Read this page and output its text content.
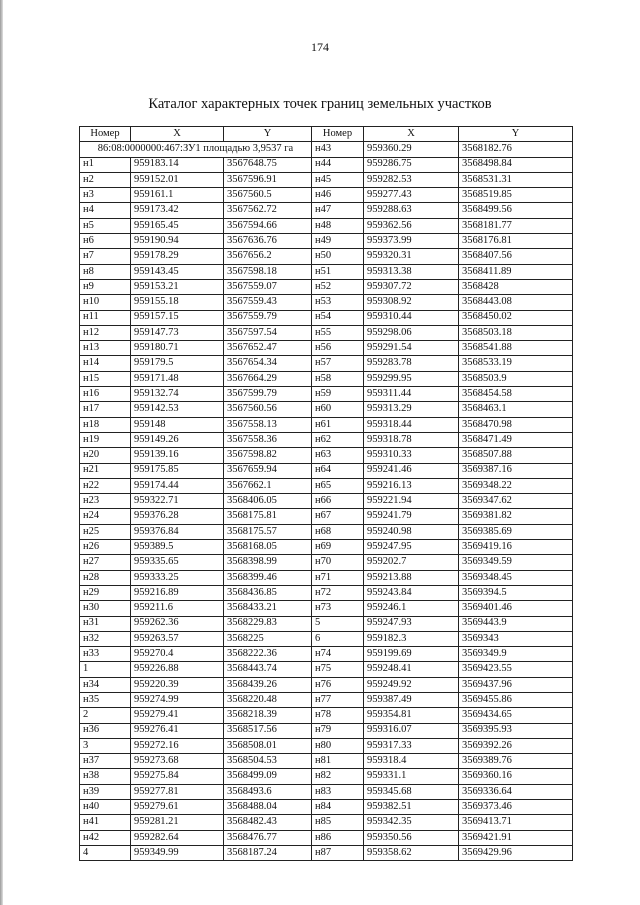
174
Каталог характерных точек границ земельных участков
Номер	X	Y	Номер	X	Y
86:08:0000000:467:ЗУ1 площадью 3,9537 га			н43	959360.29	3568182.76
н1	959183.14	3567648.75	н44	959286.75	3568498.84
н2	959152.01	3567596.91	н45	959282.53	3568531.31
н3	959161.1	3567560.5	н46	959277.43	3568519.85
н4	959173.42	3567562.72	н47	959288.63	3568499.56
н5	959165.45	3567594.66	н48	959362.56	3568181.77
н6	959190.94	3567636.76	н49	959373.99	3568176.81
н7	959178.29	3567656.2	н50	959320.31	3568407.56
н8	959143.45	3567598.18	н51	959313.38	3568411.89
н9	959153.21	3567559.07	н52	959307.72	3568428
н10	959155.18	3567559.43	н53	959308.92	3568443.08
н11	959157.15	3567559.79	н54	959310.44	3568450.02
н12	959147.73	3567597.54	н55	959298.06	3568503.18
н13	959180.71	3567652.47	н56	959291.54	3568541.88
н14	959179.5	3567654.34	н57	959283.78	3568533.19
н15	959171.48	3567664.29	н58	959299.95	3568503.9
н16	959132.74	3567599.79	н59	959311.44	3568454.58
н17	959142.53	3567560.56	н60	959313.29	3568463.1
н18	959148	3567558.13	н61	959318.44	3568470.98
н19	959149.26	3567558.36	н62	959318.78	3568471.49
н20	959139.16	3567598.82	н63	959310.33	3568507.88
н21	959175.85	3567659.94	н64	959241.46	3569387.16
н22	959174.44	3567662.1	н65	959216.13	3569348.22
н23	959322.71	3568406.05	н66	959221.94	3569347.62
н24	959376.28	3568175.81	н67	959241.79	3569381.82
н25	959376.84	3568175.57	н68	959240.98	3569385.69
н26	959389.5	3568168.05	н69	959247.95	3569419.16
н27	959335.65	3568398.99	н70	959202.7	3569349.59
н28	959333.25	3568399.46	н71	959213.88	3569348.45
н29	959216.89	3568436.85	н72	959243.84	3569394.5
н30	959211.6	3568433.21	н73	959246.1	3569401.46
н31	959262.36	3568229.83	5	959247.93	3569443.9
н32	959263.57	3568225	6	959182.3	3569343
н33	959270.4	3568222.36	н74	959199.69	3569349.9
1	959226.88	3568443.74	н75	959248.41	3569423.55
н34	959220.39	3568439.26	н76	959249.92	3569437.96
н35	959274.99	3568220.48	н77	959387.49	3569455.86
2	959279.41	3568218.39	н78	959354.81	3569434.65
н36	959276.41	3568517.56	н79	959316.07	3569395.93
3	959272.16	3568508.01	н80	959317.33	3569392.26
н37	959273.68	3568504.53	н81	959318.4	3569389.76
н38	959275.84	3568499.09	н82	959331.1	3569360.16
н39	959277.81	3568493.6	н83	959345.68	3569336.64
н40	959279.61	3568488.04	н84	959382.51	3569373.46
н41	959281.21	3568482.43	н85	959342.35	3569413.71
н42	959282.64	3568476.77	н86	959350.56	3569421.91
4	959349.99	3568187.24	н87	959358.62	3569429.96
